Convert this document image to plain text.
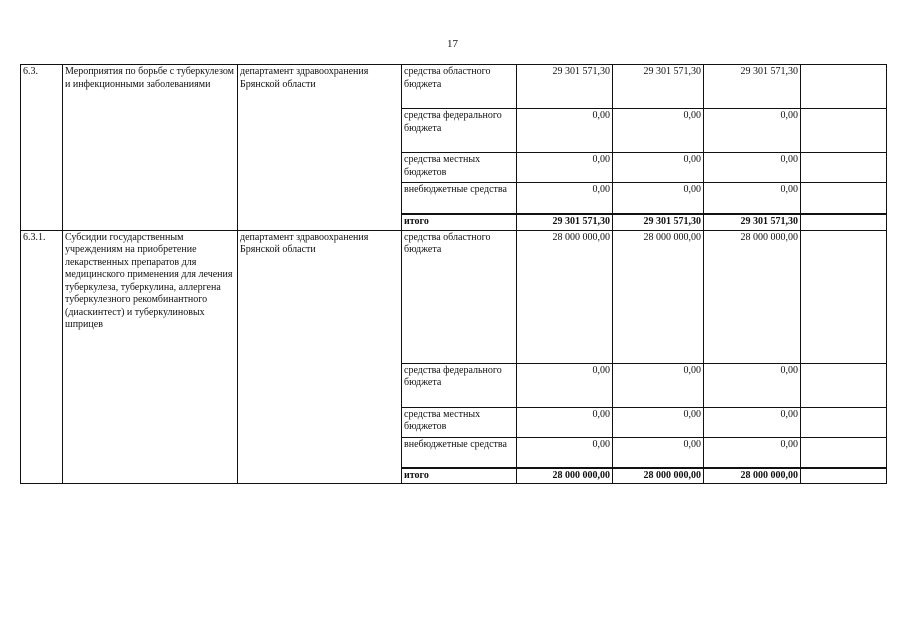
17
6.3.	Мероприятия по борьбе с туберкулезом и инфекционными заболеваниями	департамент здравоохранения Брянской области	средства областного бюджета	29 301 571,30	29 301 571,30	29 301 571,30	
			средства федерального бюджета	0,00	0,00	0,00	
			средства местных бюджетов	0,00	0,00	0,00	
			внебюджетные средства	0,00	0,00	0,00	
			итого	29 301 571,30	29 301 571,30	29 301 571,30	
6.3.1.	Субсидии государственным учреждениям на приобретение лекарственных препаратов для медицинского применения для лечения туберкулеза, туберкулина, аллергена туберкулезного рекомбинантного (диаскинтест) и туберкулиновых шприцев	департамент здравоохранения Брянской области	средства областного бюджета	28 000 000,00	28 000 000,00	28 000 000,00	
			средства федерального бюджета	0,00	0,00	0,00	
			средства местных бюджетов	0,00	0,00	0,00	
			внебюджетные средства	0,00	0,00	0,00	
			итого	28 000 000,00	28 000 000,00	28 000 000,00	
